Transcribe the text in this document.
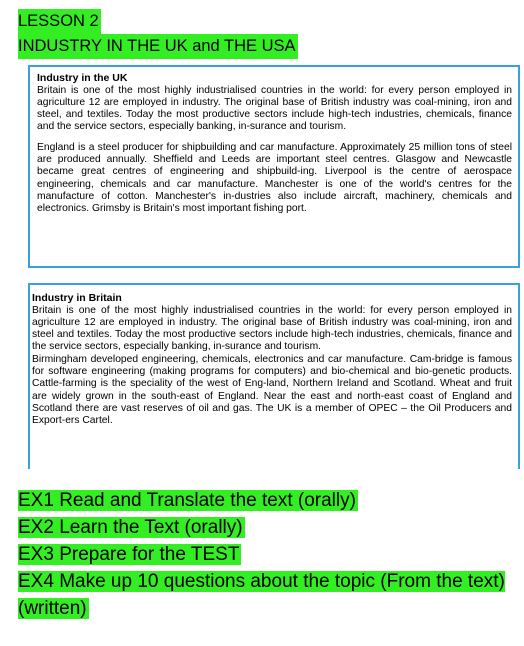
LESSON 2
INDUSTRY IN THE UK and THE USA
Industry in the UK

Britain is one of the most highly industrialised countries in the world: for every person employed in agriculture 12 are employed in industry. The original base of British industry was coal-mining, iron and steel, and textiles. Today the most productive sectors include high-tech industries, chemicals, finance and the service sectors, especially banking, in-surance and tourism.

England is a steel producer for shipbuilding and car manufacture. Approximately 25 million tons of steel are produced annually. Sheffield and Leeds are important steel centres. Glasgow and Newcastle became great centres of engineering and shipbuild-ing. Liverpool is the centre of aerospace engineering, chemicals and car manufacture. Manchester is one of the world's centres for the manufacture of cotton. Manchester's in-dustries also include aircraft, machinery, chemicals and electronics. Grimsby is Britain's most important fishing port.

Industry in Britain

Britain is one of the most highly industrialised countries in the world: for every person employed in agriculture 12 are employed in industry. The original base of British industry was coal-mining, iron and steel and textiles. Today the most productive sectors include high-tech industries, chemicals, finance and the service sectors, especially banking, in-surance and tourism.

Birmingham developed engineering, chemicals, electronics and car manufacture. Cam-bridge is famous for software engineering (making programs for computers) and bio-chemical and bio-genetic products. Cattle-farming is the speciality of the west of Eng-land, Northern Ireland and Scotland. Wheat and fruit are widely grown in the south-east of England. Near the east and north-east coast of England and Scotland there are vast reserves of oil and gas. The UK is a member of OPEC – the Oil Producers and Export-ers Cartel.

EX1 Read and Translate the text (orally)
EX2 Learn the Text (orally)
EX3 Prepare for the TEST
EX4 Make up 10 questions about the topic (From the text) (written)
